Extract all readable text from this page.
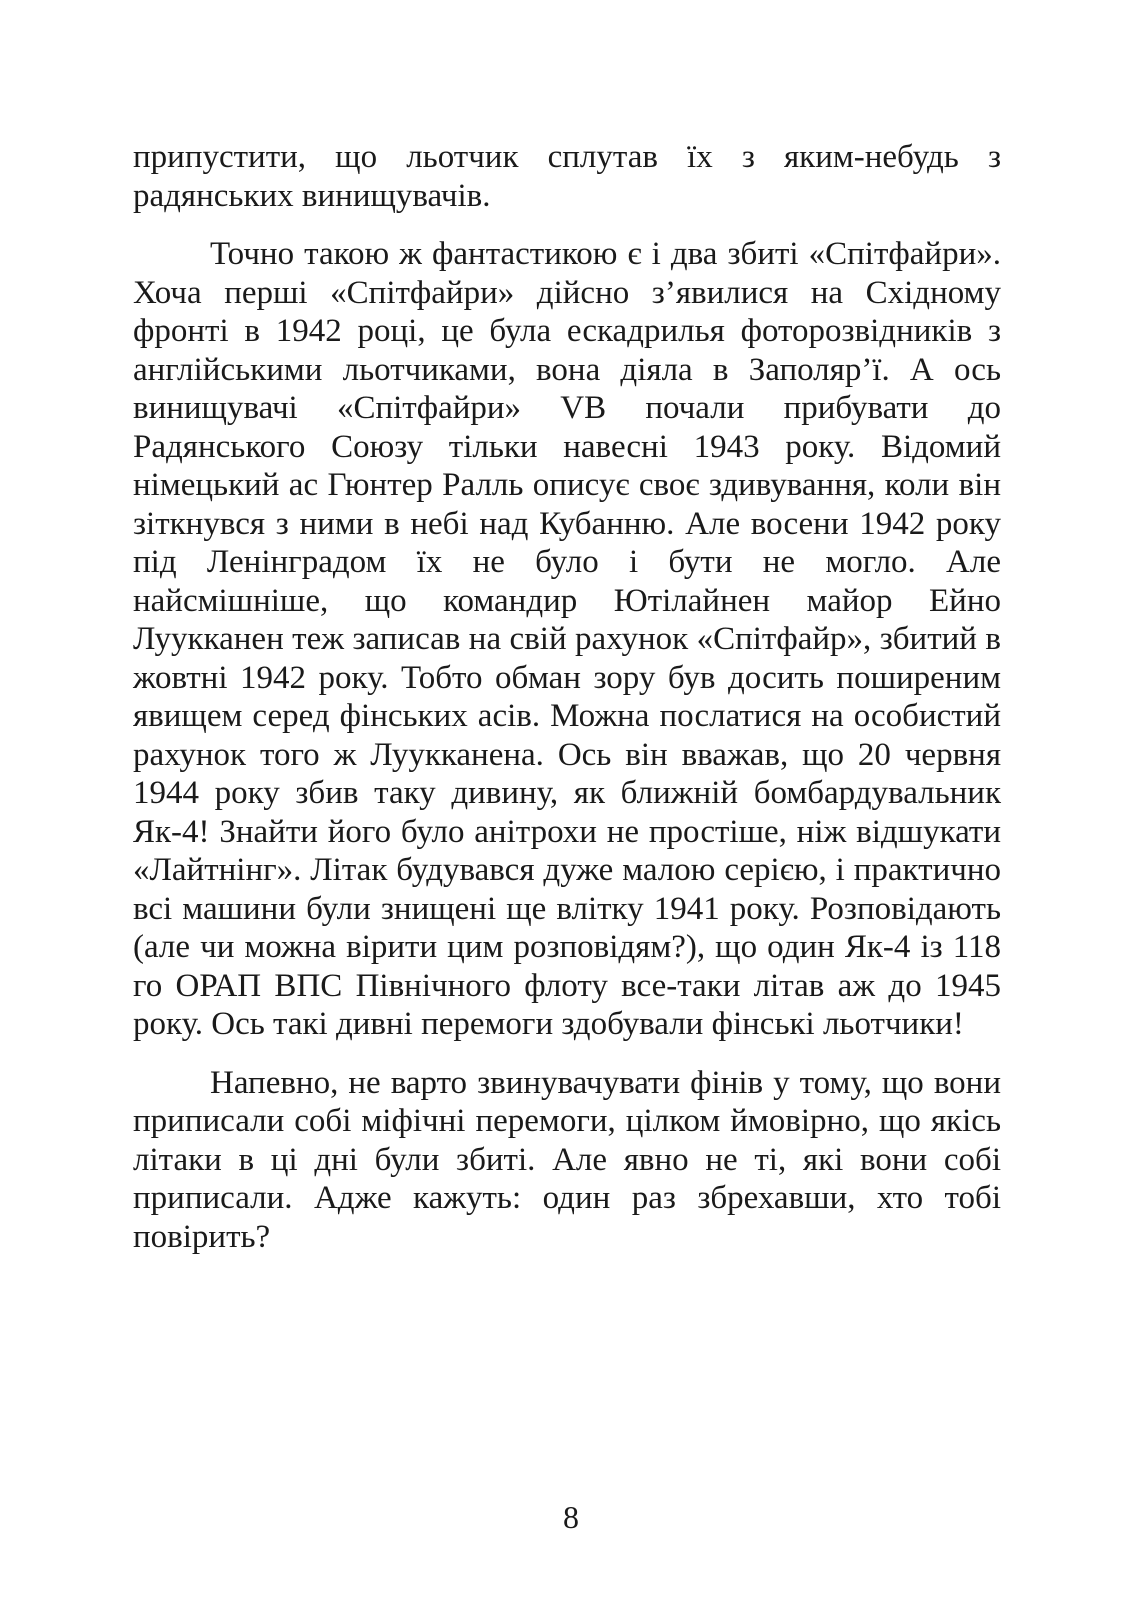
припустити, що льотчик сплутав їх з яким-небудь з радянських винищувачів.

Точно такою ж фантастикою є і два збиті «Спітфайри». Хоча перші «Спітфайри» дійсно з’явилися на Східному фронті в 1942 році, це була ескадрилья фоторозвідників з англійськими льотчиками, вона діяла в Заполяр’ї. А ось винищувачі «Спітфайри» VB почали прибувати до Радянського Союзу тільки навесні 1943 року. Відомий німецький ас Гюнтер Ралль описує своє здивування, коли він зіткнувся з ними в небі над Кубанню. Але восени 1942 року під Ленінградом їх не було і бути не могло. Але найсмішніше, що командир Ютілайнен майор Ейно Луукканен теж записав на свій рахунок «Спітфайр», збитий в жовтні 1942 року. Тобто обман зору був досить поширеним явищем серед фінських асів. Можна послатися на особистий рахунок того ж Луукканена. Ось він вважав, що 20 червня 1944 року збив таку дивину, як ближній бомбардувальник Як-4! Знайти його було анітрохи не простіше, ніж відшукати «Лайтнінг». Літак будувався дуже малою серією, і практично всі машини були знищені ще влітку 1941 року. Розповідають (але чи можна вірити цим розповідям?), що один Як-4 із 118 го ОРАП ВПС Північного флоту все-таки літав аж до 1945 року. Ось такі дивні перемоги здобували фінські льотчики!

Напевно, не варто звинувачувати фінів у тому, що вони приписали собі міфічні перемоги, цілком ймовірно, що якісь літаки в ці дні були збиті. Але явно не ті, які вони собі приписали. Адже кажуть: один раз збрехавши, хто тобі повірить?

8
